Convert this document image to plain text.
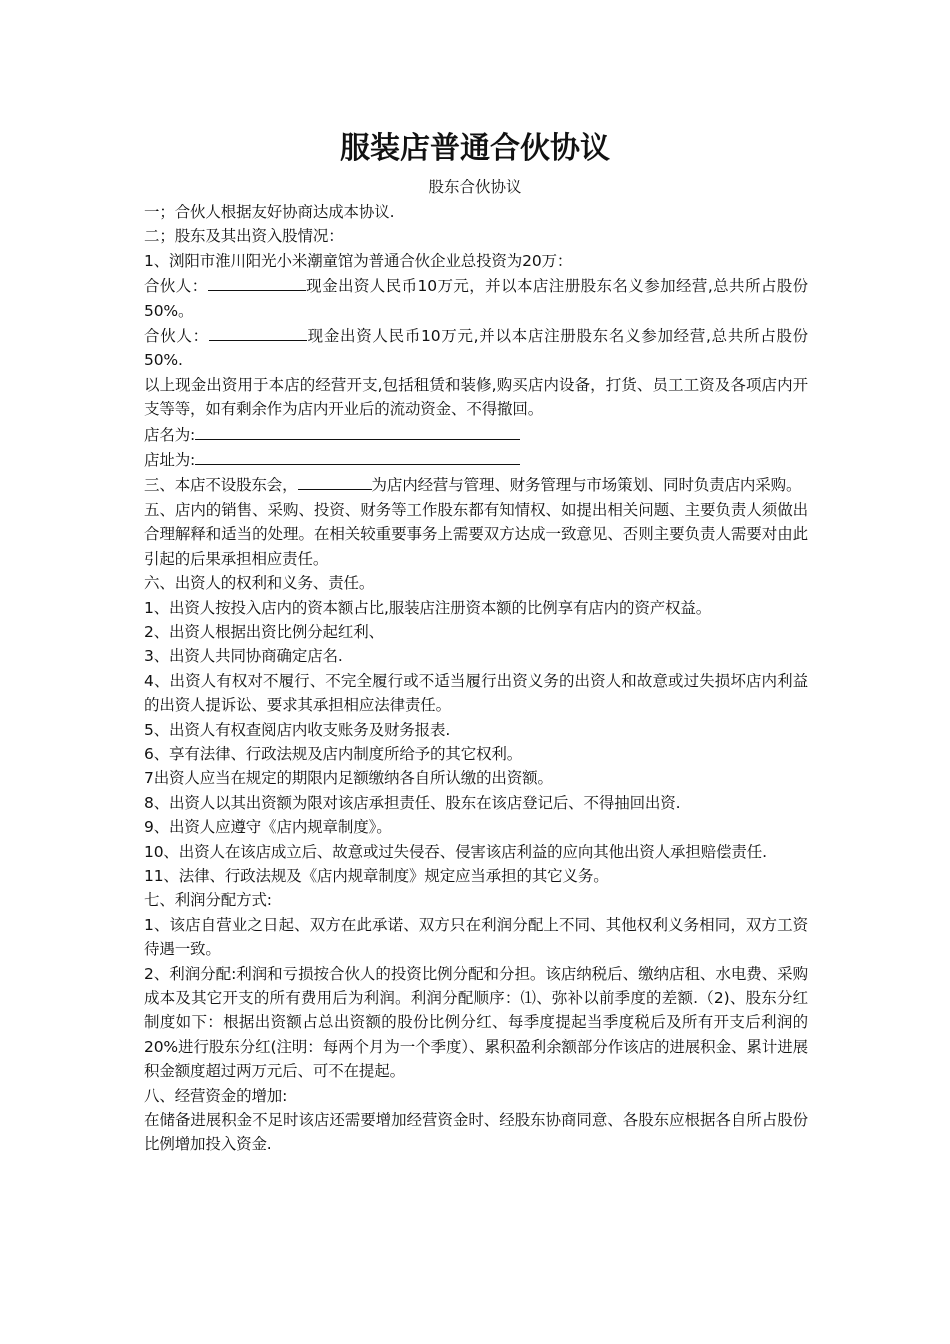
服装店普通合伙协议
股东合伙协议

一；合伙人根据友好协商达成本协议.

二；股东及其出资入股情况：

1、浏阳市淮川阳光小米潮童馆为普通合伙企业总投资为20万：

合伙人：	现金出资人民币10万元，并以本店注册股东名义参加经营,总共所占股份50%。

合伙人：	现金出资人民币10万元,并以本店注册股东名义参加经营,总共所占股份50%.

以上现金出资用于本店的经营开支,包括租赁和装修,购买店内设备，打货、员工工资及各项店内开支等等，如有剩余作为店内开业后的流动资金、不得撤回。

店名为:

店址为:

三、本店不设股东会，	为店内经营与管理、财务管理与市场策划、同时负责店内采购。

五、店内的销售、采购、投资、财务等工作股东都有知情权、如提出相关问题、主要负责人须做出合理解释和适当的处理。在相关较重要事务上需要双方达成一致意见、否则主要负责人需要对由此引起的后果承担相应责任。

六、出资人的权利和义务、责任。

1、出资人按投入店内的资本额占比,服装店注册资本额的比例享有店内的资产权益。

2、出资人根据出资比例分起红利、

3、出资人共同协商确定店名.

4、出资人有权对不履行、不完全履行或不适当履行出资义务的出资人和故意或过失损坏店内利益的出资人提诉讼、要求其承担相应法律责任。

5、出资人有权查阅店内收支账务及财务报表.

6、享有法律、行政法规及店内制度所给予的其它权利。

7出资人应当在规定的期限内足额缴纳各自所认缴的出资额。

8、出资人以其出资额为限对该店承担责任、股东在该店登记后、不得抽回出资.

9、出资人应遵守《店内规章制度》。

10、出资人在该店成立后、故意或过失侵吞、侵害该店利益的应向其他出资人承担赔偿责任.

11、法律、行政法规及《店内规章制度》规定应当承担的其它义务。

七、利润分配方式:

1、该店自营业之日起、双方在此承诺、双方只在利润分配上不同、其他权利义务相同，双方工资待遇一致。

2、利润分配:利润和亏损按合伙人的投资比例分配和分担。该店纳税后、缴纳店租、水电费、采购成本及其它开支的所有费用后为利润。利润分配顺序：⑴、弥补以前季度的差额.（2)、股东分红制度如下：根据出资额占总出资额的股份比例分红、每季度提起当季度税后及所有开支后利润的20%进行股东分红(注明：每两个月为一个季度）、累积盈利余额部分作该店的进展积金、累计进展积金额度超过两万元后、可不在提起。

八、经营资金的增加:

在储备进展积金不足时该店还需要增加经营资金时、经股东协商同意、各股东应根据各自所占股份比例增加投入资金.
